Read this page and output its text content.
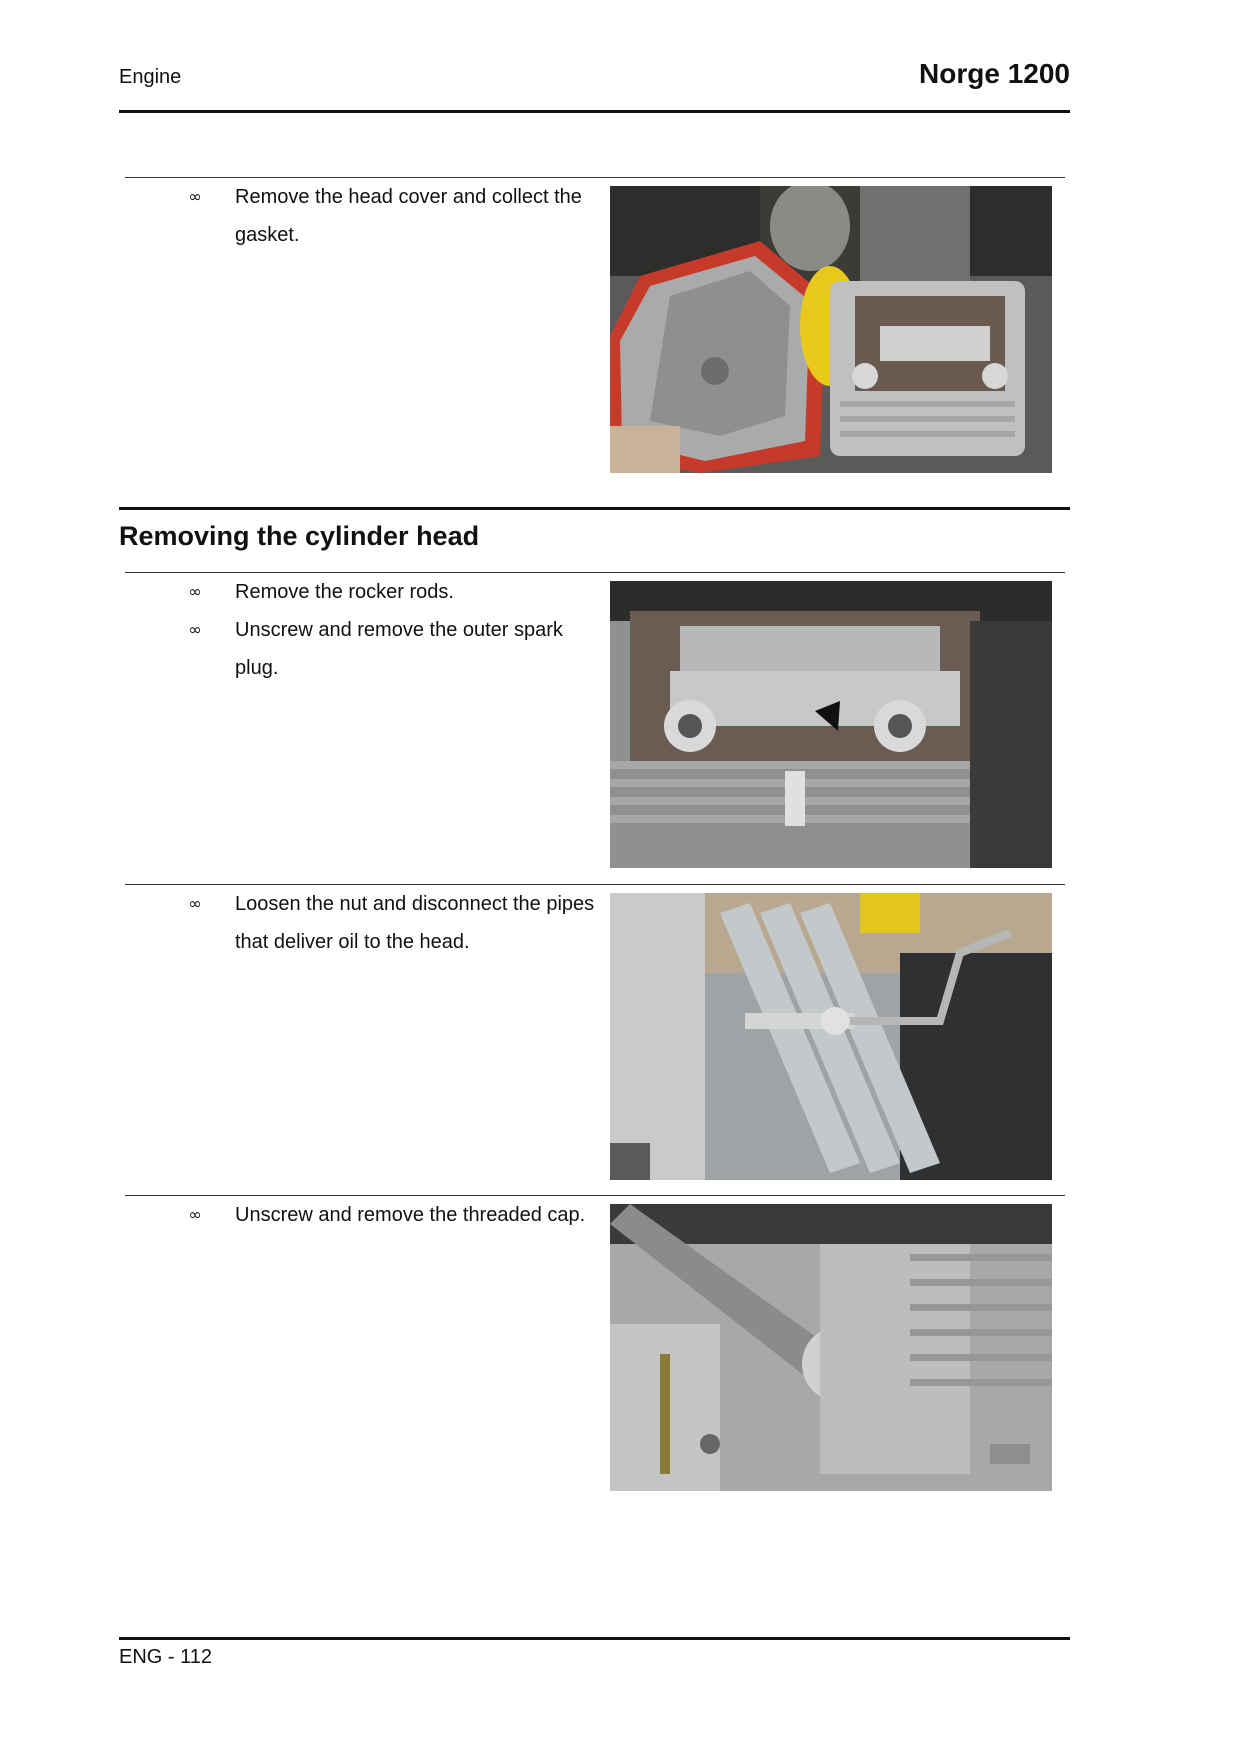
Engine	Norge 1200
∞ Remove the head cover and collect the gasket.
Removing the cylinder head
∞ Remove the rocker rods.
∞ Unscrew and remove the outer spark plug.
∞ Loosen the nut and disconnect the pipes that deliver oil to the head.
∞ Unscrew and remove the threaded cap.
ENG - 112
